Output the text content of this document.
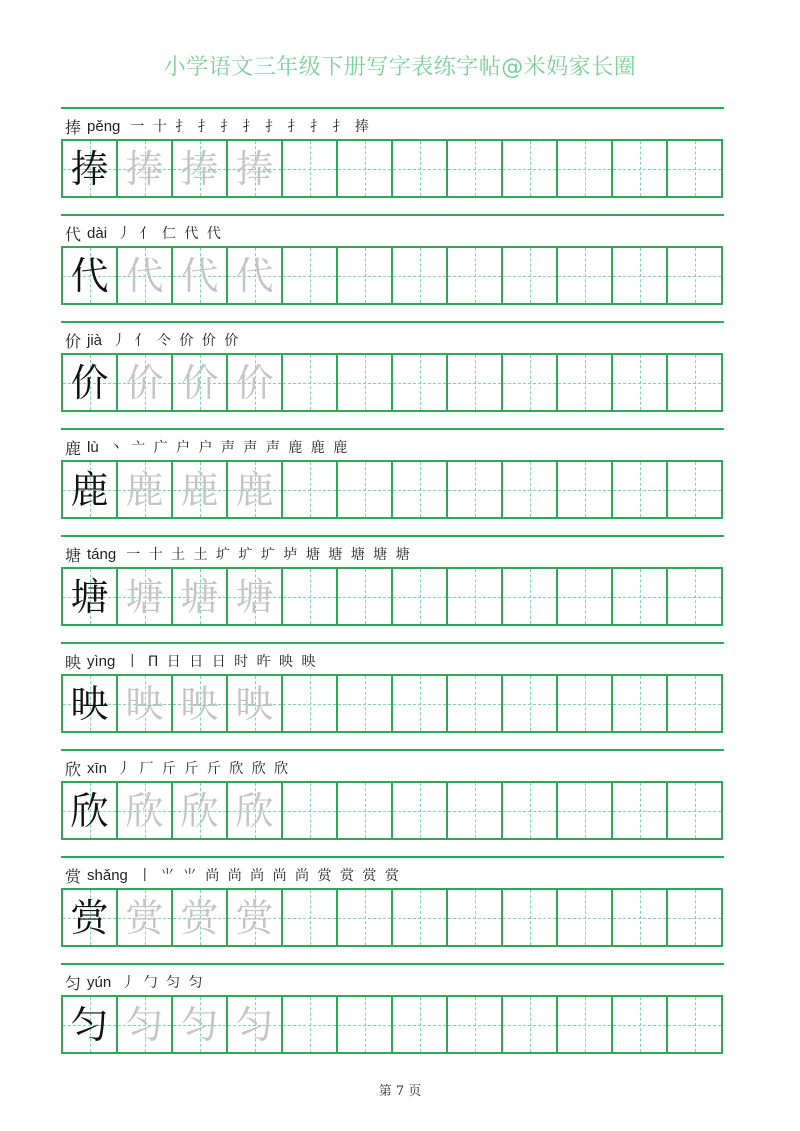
小学语文三年级下册写字表练字帖@米妈家长圈
捧 pěng 一 十 扌 扌 扌 扌 扌 扌 扌 扌 捧
捧 捧 捧 捧
代 dài 丿 亻 仁 代 代
代 代 代 代
价 jià 丿 亻 仒 价 价 价
价 价 价 价
鹿 lù 丶 亠 广 户 户 声 声 声 鹿 鹿 鹿
鹿 鹿 鹿 鹿
塘 táng 一 十 土 土 圹 圹 圹 垆 塘 塘 塘 塘 塘
塘 塘 塘 塘
映 yìng 丨 П 日 日 日 时 旿 映 映
映 映 映 映
欣 xīn 丿 厂 斤 斤 斤 欣 欣 欣
欣 欣 欣 欣
赏 shǎng 丨 ⺌ ⺌ 尚 尚 尚 尚 尚 赏 赏 赏 赏
赏 赏 赏 赏
匀 yún 丿 勹 匀 匀
匀 匀 匀 匀
第 7 页
